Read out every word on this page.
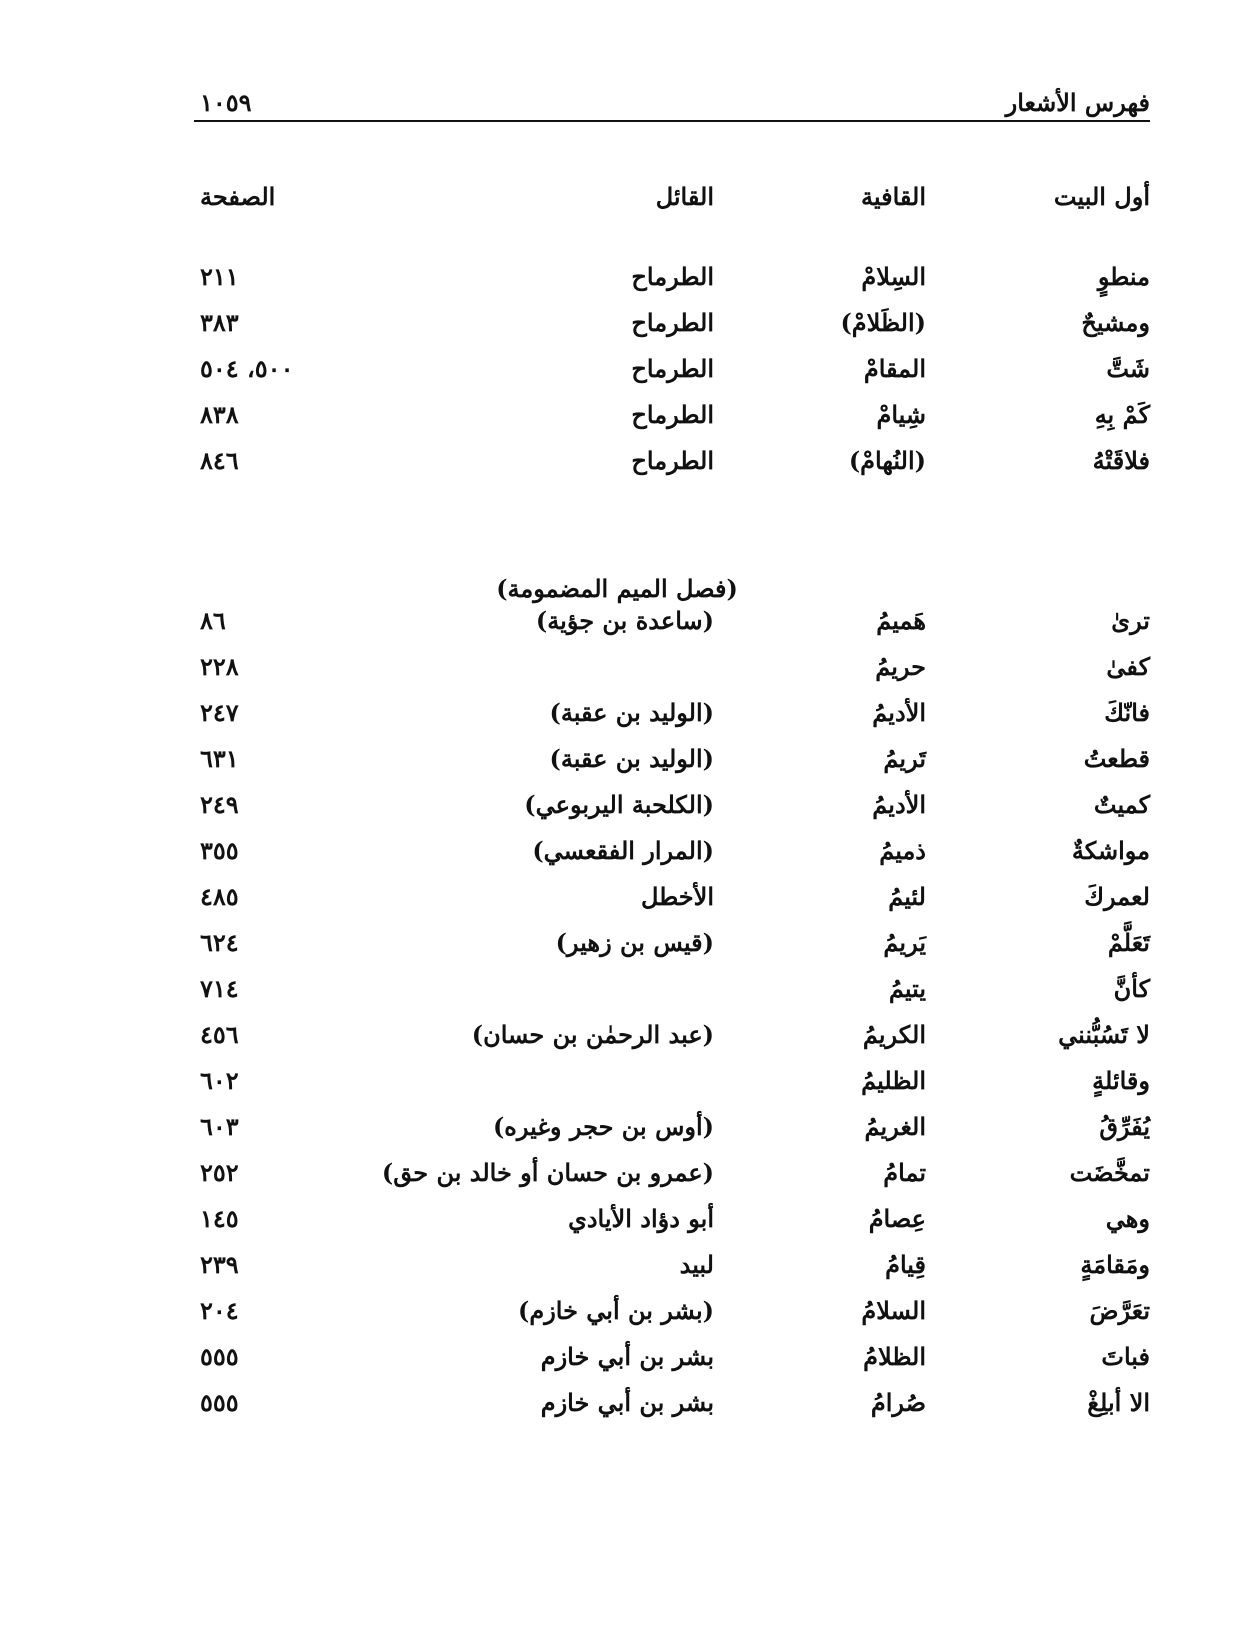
فهرس الأشعار
١٠٥٩
أول البيت
القافية
القائل
الصفحة
منطوٍ
السِلامْ
الطرماح
٢١١
ومشيحٌ
(الظَلامْ)
الطرماح
٣٨٣
شَتَّ
المقامْ
الطرماح
٥٠٠، ٥٠٤
كَمْ بِهِ
شِيامْ
الطرماح
٨٣٨
فلاقَتْهُ
(النُهامْ)
الطرماح
٨٤٦
(فصل الميم المضمومة)
ترىٰ
هَميمُ
(ساعدة بن جؤية)
٨٦
كفىٰ
حريمُ
٢٢٨
فانّكَ
الأديمُ
(الوليد بن عقبة)
٢٤٧
قطعتُ
تَريمُ
(الوليد بن عقبة)
٦٣١
كميتٌ
الأديمُ
(الكلحبة اليربوعي)
٢٤٩
مواشكةٌ
ذميمُ
(المرار الفقعسي)
٣٥٥
لعمركَ
لئيمُ
الأخطل
٤٨٥
تَعَلَّمْ
يَريمُ
(قيس بن زهير)
٦٢٤
كأنَّ
يتيمُ
٧١٤
لا تَسُبُّنني
الكريمُ
(عبد الرحمٰن بن حسان)
٤٥٦
وقائلةٍ
الظليمُ
٦٠٢
يُفَرِّقُ
الغريمُ
(أوس بن حجر وغيره)
٦٠٣
تمخَّضَت
تمامُ
(عمرو بن حسان أو خالد بن حق)
٢٥٢
وهي
عِصامُ
أبو دؤاد الأيادي
١٤٥
ومَقامَةٍ
قِيامُ
لبيد
٢٣٩
تعَرَّضَ
السلامُ
(بشر بن أبي خازم)
٢٠٤
فباتَ
الظلامُ
بشر بن أبي خازم
٥٥٥
الا أبلِغْ
صُرامُ
بشر بن أبي خازم
٥٥٥
